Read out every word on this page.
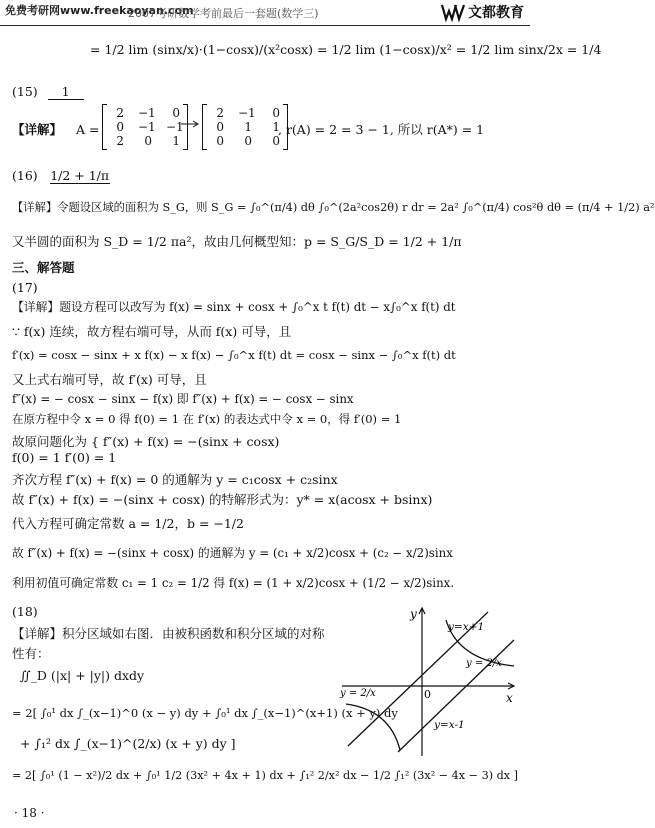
免费考研网www.freekaoyan.com
2007考研数学考前最后一套题(数学三)	文都教育
= 1/2 lim (sinx/x)·(1−cosx)/(x²cosx) = 1/2 lim (1−cosx)/x² = 1/2 lim sinx/2x = 1/4
(15) 1
【详解】 A =
2 −1	0
0 −1 −1
2	0	1
2 −1	0
0	1	1
0	0	0
, r(A) = 2 = 3 − 1, 所以 r(A*) = 1
(16) 1/2 + 1/π
【详解】令题设区域的面积为 S_G，则 S_G = ∫₀^(π/4) dθ ∫₀^(2a²cos2θ) r dr = 2a² ∫₀^(π/4) cos²θ dθ = (π/4 + 1/2) a²
又半圆的面积为 S_D = 1/2 πa²，故由几何概型知：p = S_G/S_D = 1/2 + 1/π
三、解答题
(17)
【详解】题设方程可以改写为 f(x) = sinx + cosx + ∫₀^x t f(t) dt − x∫₀^x f(t) dt
∵ f(x) 连续，故方程右端可导，从而 f(x) 可导，且
f′(x) = cosx − sinx + x f(x) − x f(x) − ∫₀^x f(t) dt = cosx − sinx − ∫₀^x f(t) dt
又上式右端可导，故 f′(x) 可导，且
f″(x) = − cosx − sinx − f(x) 即 f″(x) + f(x) = − cosx − sinx
在原方程中令 x = 0 得 f(0) = 1 在 f′(x) 的表达式中令 x = 0，得 f′(0) = 1
故原问题化为 { f″(x) + f(x) = −(sinx + cosx)
f(0) = 1 f′(0) = 1
齐次方程 f″(x) + f(x) = 0 的通解为 y = c₁cosx + c₂sinx
故 f″(x) + f(x) = −(sinx + cosx) 的特解形式为：y* = x(acosx + bsinx)
代入方程可确定常数 a = 1/2，b = −1/2
故 f″(x) + f(x) = −(sinx + cosx) 的通解为 y = (c₁ + x/2)cosx + (c₂ − x/2)sinx
利用初值可确定常数 c₁ = 1 c₂ = 1/2 得 f(x) = (1 + x/2)cosx + (1/2 − x/2)sinx.
(18)
【详解】积分区域如右图．由被积函数和积分区域的对称
性有：
∬_D (|x| + |y|) dxdy
= 2[ ∫₀¹ dx ∫_(x−1)^0 (x − y) dy + ∫₀¹ dx ∫_(x−1)^(x+1) (x + y) dy
+ ∫₁² dx ∫_(x−1)^(2/x) (x + y) dy ]
= 2[ ∫₀¹ (1 − x²)/2 dx + ∫₀¹ 1/2 (3x² + 4x + 1) dx + ∫₁² 2/x² dx − 1/2 ∫₁² (3x² − 4x − 3) dx ]
y
x
0
y=x+1
y=x-1
y = 2/x
y = 2/x
· 18 ·
